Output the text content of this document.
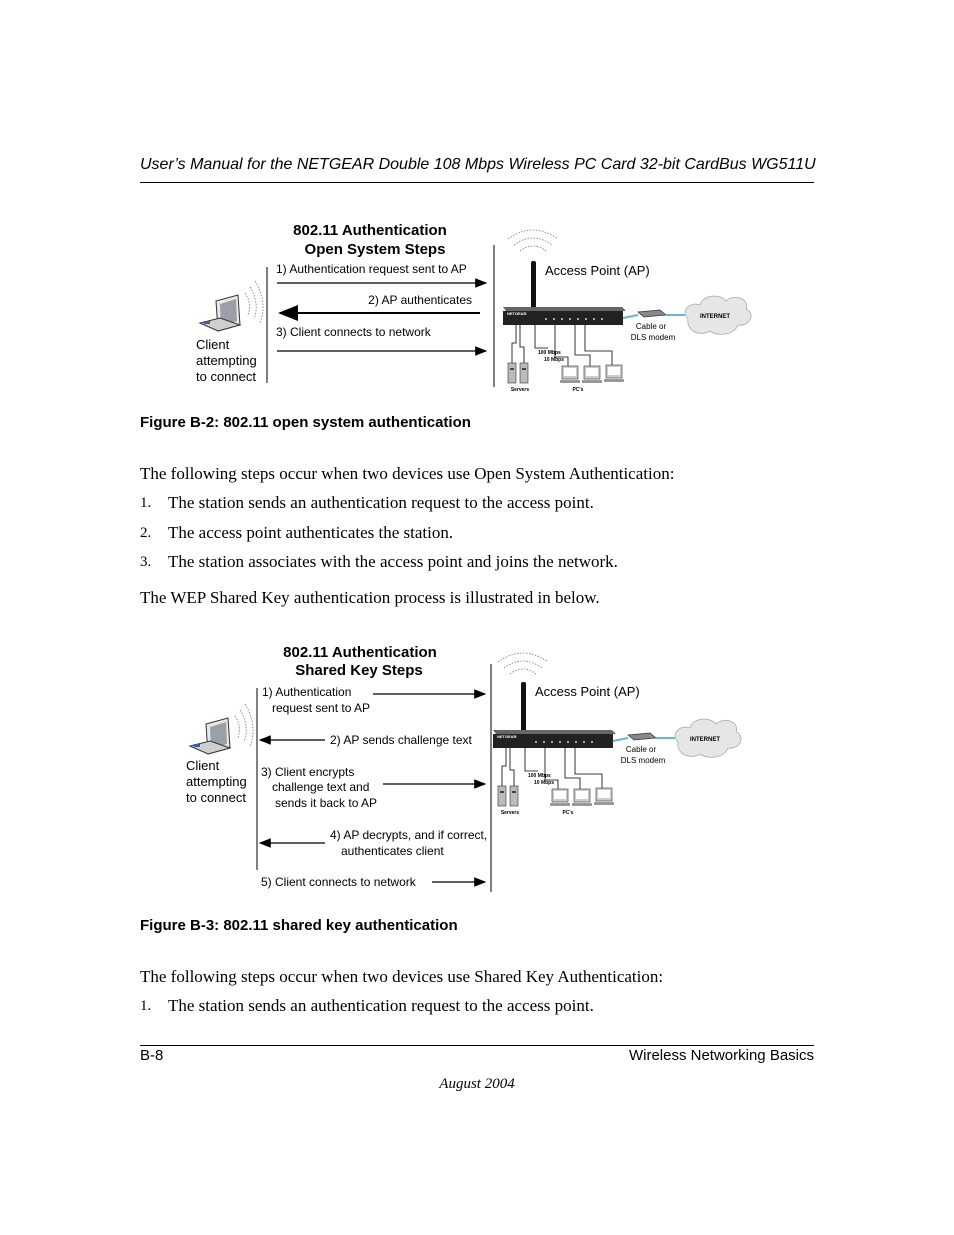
User’s Manual for the NETGEAR Double 108 Mbps Wireless PC Card 32-bit CardBus WG511U
802.11 Authentication
Open System Steps
1) Authentication request sent to AP
2) AP authenticates
3) Client connects to network
Client
attempting
to connect
Access Point (AP)
NETGEAR
Cable or
DLS modem
INTERNET
100 Mbps
10 Mbps
Servers	PC's
Figure B-2: 802.11 open system authentication
The following steps occur when two devices use Open System Authentication:
1. The station sends an authentication request to the access point.
2. The access point authenticates the station.
3. The station associates with the access point and joins the network.
The WEP Shared Key authentication process is illustrated in below.
802.11 Authentication
Shared Key Steps
1) Authentication
request sent to AP
2) AP sends challenge text
3) Client encrypts
challenge text and
sends it back to AP
4) AP decrypts, and if correct,
authenticates client
5) Client connects to network
Client
attempting
to connect
Access Point (AP)
NETGEAR
Cable or
DLS modem
INTERNET
100 Mbps
10 Mbps
Servers	PC's
Figure B-3: 802.11 shared key authentication
The following steps occur when two devices use Shared Key Authentication:
1. The station sends an authentication request to the access point.
B-8	Wireless Networking Basics
August 2004
